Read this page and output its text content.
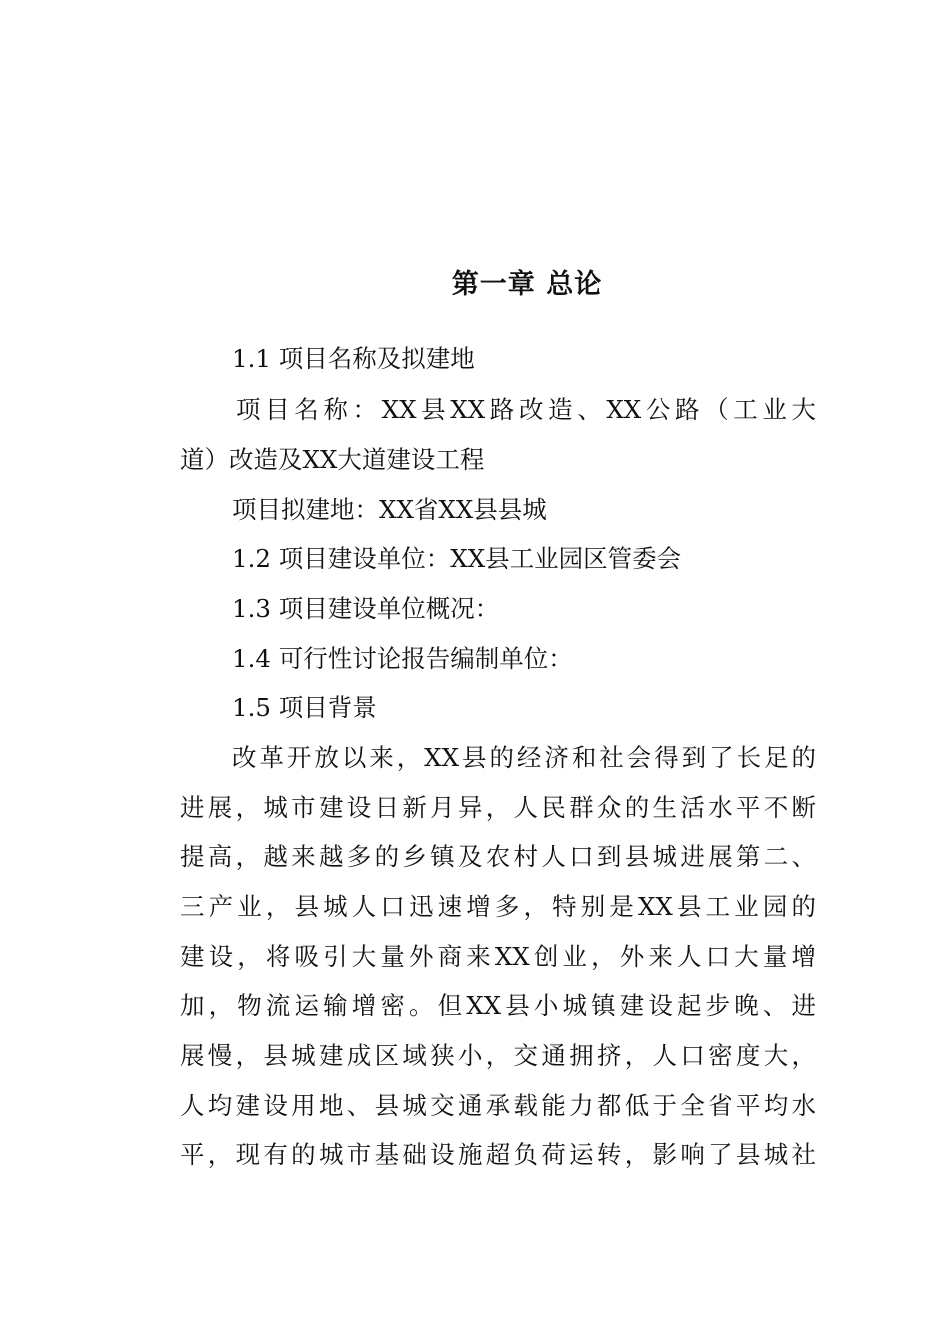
第一章 总论
1.1 项目名称及拟建地
项目名称：XX县XX路改造、XX公路（工业大
道）改造及XX大道建设工程
项目拟建地：XX省XX县县城
1.2 项目建设单位：XX县工业园区管委会
1.3 项目建设单位概况：
1.4 可行性讨论报告编制单位：
1.5 项目背景
改革开放以来，XX县的经济和社会得到了长足的
进展，城市建设日新月异，人民群众的生活水平不断
提高，越来越多的乡镇及农村人口到县城进展第二、
三产业，县城人口迅速增多，特别是XX县工业园的
建设，将吸引大量外商来XX创业，外来人口大量增
加，物流运输增密。但XX县小城镇建设起步晚、进
展慢，县城建成区域狭小，交通拥挤，人口密度大，
人均建设用地、县城交通承载能力都低于全省平均水
平，现有的城市基础设施超负荷运转，影响了县城社
